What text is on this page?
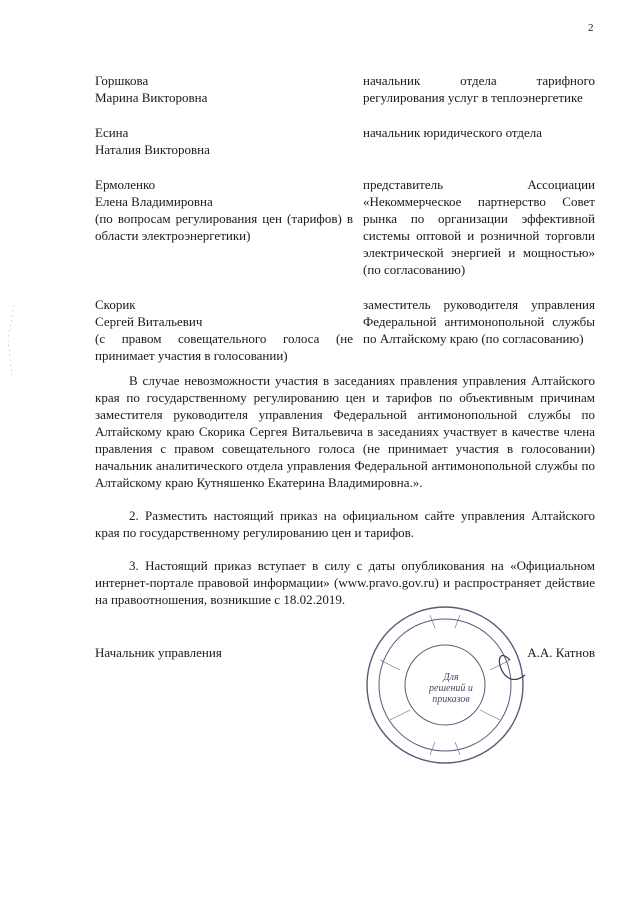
2
Горшкова
Марина Викторовна
начальник отдела тарифного регулирования услуг в теплоэнергетике
Есина
Наталия Викторовна
начальник юридического отдела
Ермоленко
Елена Владимировна
(по вопросам регулирования цен (тарифов) в области электроэнергетики)
представитель Ассоциации «Некоммерческое партнерство Совет рынка по организации эффективной системы оптовой и розничной торговли электрической энергией и мощностью» (по согласованию)
Скорик
Сергей Витальевич
(с правом совещательного голоса (не принимает участия в голосовании)
заместитель руководителя управления Федеральной антимонопольной службы по Алтайскому краю (по согласованию)
В случае невозможности участия в заседаниях правления управления Алтайского края по государственному регулированию цен и тарифов по объективным причинам заместителя руководителя управления Федеральной антимонопольной службы по Алтайскому краю Скорика Сергея Витальевича в заседаниях участвует в качестве члена правления с правом совещательного голоса (не принимает участия в голосовании) начальник аналитического отдела управления Федеральной антимонопольной службы по Алтайскому краю Кутняшенко Екатерина Владимировна.».
2. Разместить настоящий приказ на официальном сайте управления Алтайского края по государственному регулированию цен и тарифов.
3. Настоящий приказ вступает в силу с даты опубликования на «Официальном интернет-портале правовой информации» (www.pravo.gov.ru) и распространяет действие на правоотношения, возникшие с 18.02.2019.
Для решений и приказов
Начальник управления	А.А. Катнов
